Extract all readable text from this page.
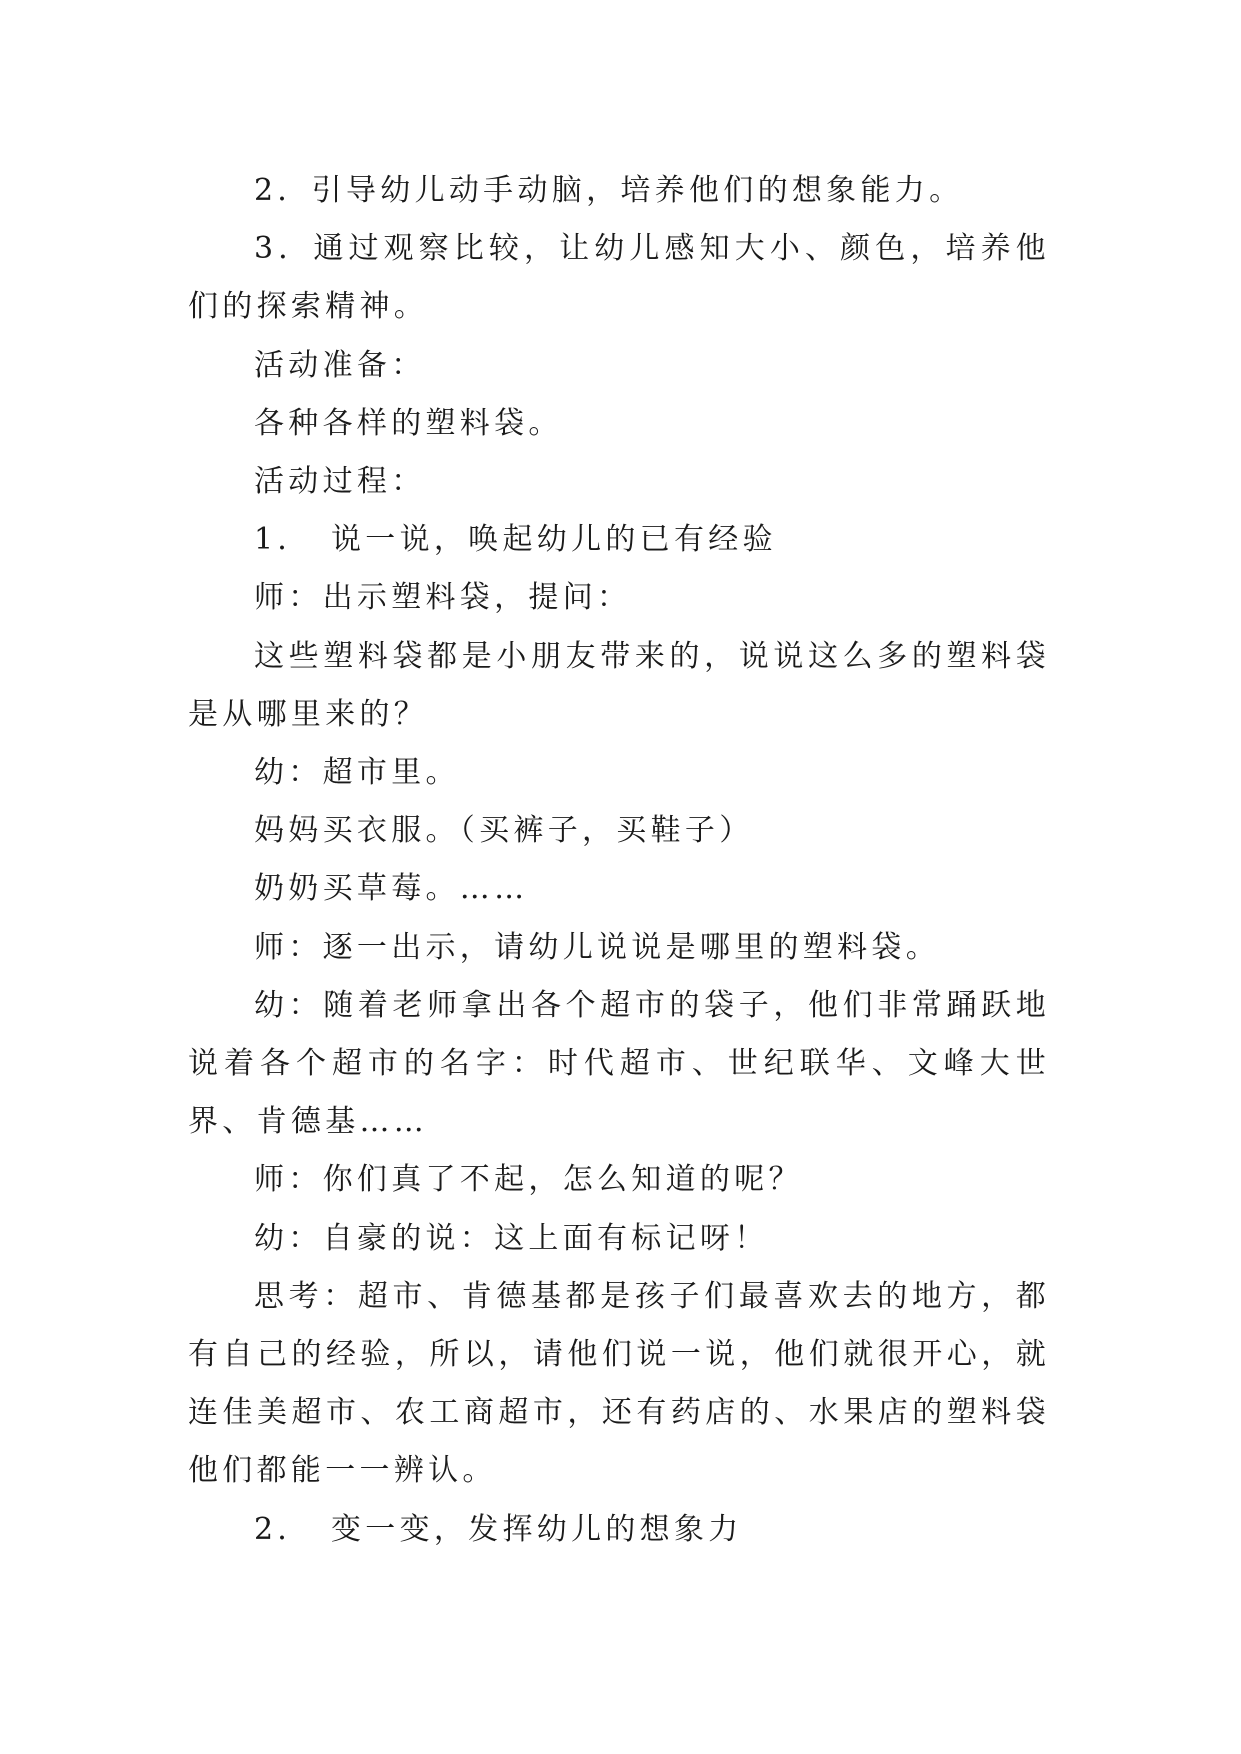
2．引导幼儿动手动脑，培养他们的想象能力。

3．通过观察比较，让幼儿感知大小、颜色，培养他们的探索精神。

活动准备：

各种各样的塑料袋。

活动过程：

1．　说一说，唤起幼儿的已有经验

师：出示塑料袋，提问：

这些塑料袋都是小朋友带来的，说说这么多的塑料袋是从哪里来的？

幼：超市里。

妈妈买衣服。（买裤子，买鞋子）

奶奶买草莓。……

师：逐一出示，请幼儿说说是哪里的塑料袋。

幼：随着老师拿出各个超市的袋子，他们非常踊跃地说着各个超市的名字：时代超市、世纪联华、文峰大世界、肯德基……

师：你们真了不起，怎么知道的呢？

幼：自豪的说：这上面有标记呀！

思考：超市、肯德基都是孩子们最喜欢去的地方，都有自己的经验，所以，请他们说一说，他们就很开心，就连佳美超市、农工商超市，还有药店的、水果店的塑料袋他们都能一一辨认。

2．　变一变，发挥幼儿的想象力
